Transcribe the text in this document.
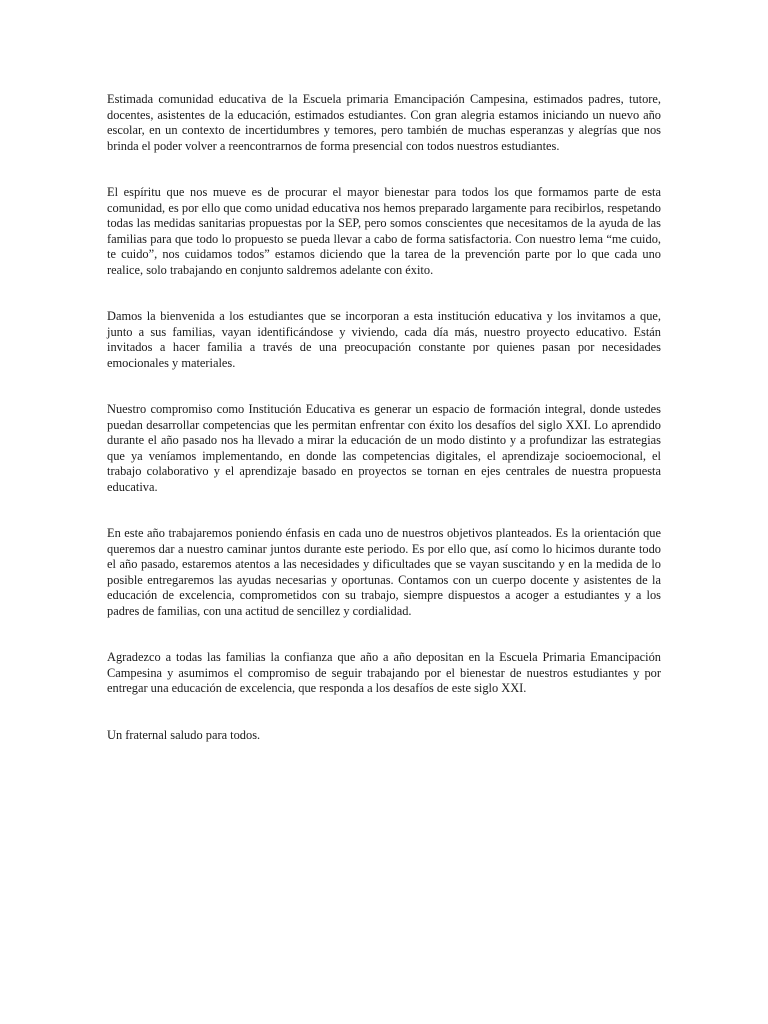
Estimada comunidad educativa de la Escuela primaria Emancipación Campesina, estimados padres, tutore, docentes, asistentes de la educación, estimados estudiantes. Con gran alegria estamos iniciando un nuevo año escolar, en un contexto de incertidumbres y temores, pero también de muchas esperanzas y alegrías que nos brinda el poder volver a reencontrarnos de forma presencial con todos nuestros estudiantes.

El espíritu que nos mueve es de procurar el mayor bienestar para todos los que formamos parte de esta comunidad, es por ello que como unidad educativa nos hemos preparado largamente para recibirlos, respetando todas las medidas sanitarias propuestas por la SEP, pero somos conscientes que necesitamos de la ayuda de las familias para que todo lo propuesto se pueda llevar a cabo de forma satisfactoria. Con nuestro lema “me cuido, te cuido”, nos cuidamos todos” estamos diciendo que la tarea de la prevención parte por lo que cada uno realice, solo trabajando en conjunto saldremos adelante con éxito.

Damos la bienvenida a los estudiantes que se incorporan a esta institución educativa y los invitamos a que, junto a sus familias, vayan identificándose y viviendo, cada día más, nuestro proyecto educativo. Están invitados a hacer familia a través de una preocupación constante por quienes pasan por necesidades emocionales y materiales.

Nuestro compromiso como Institución Educativa es generar un espacio de formación integral, donde ustedes puedan desarrollar competencias que les permitan enfrentar con éxito los desafíos del siglo XXI. Lo aprendido durante el año pasado nos ha llevado a mirar la educación de un modo distinto y a profundizar las estrategias que ya veníamos implementando, en donde las competencias digitales, el aprendizaje socioemocional, el trabajo colaborativo y el aprendizaje basado en proyectos se tornan en ejes centrales de nuestra propuesta educativa.

En este año trabajaremos poniendo énfasis en cada uno de nuestros objetivos planteados. Es la orientación que queremos dar a nuestro caminar juntos durante este periodo. Es por ello que, así como lo hicimos durante todo el año pasado, estaremos atentos a las necesidades y dificultades que se vayan suscitando y en la medida de lo posible entregaremos las ayudas necesarias y oportunas. Contamos con un cuerpo docente y asistentes de la educación de excelencia, comprometidos con su trabajo, siempre dispuestos a acoger a estudiantes y a los padres de familias, con una actitud de sencillez y cordialidad.

Agradezco a todas las familias la confianza que año a año depositan en la Escuela Primaria Emancipación Campesina y asumimos el compromiso de seguir trabajando por el bienestar de nuestros estudiantes y por entregar una educación de excelencia, que responda a los desafíos de este siglo XXI.

Un fraternal saludo para todos.
